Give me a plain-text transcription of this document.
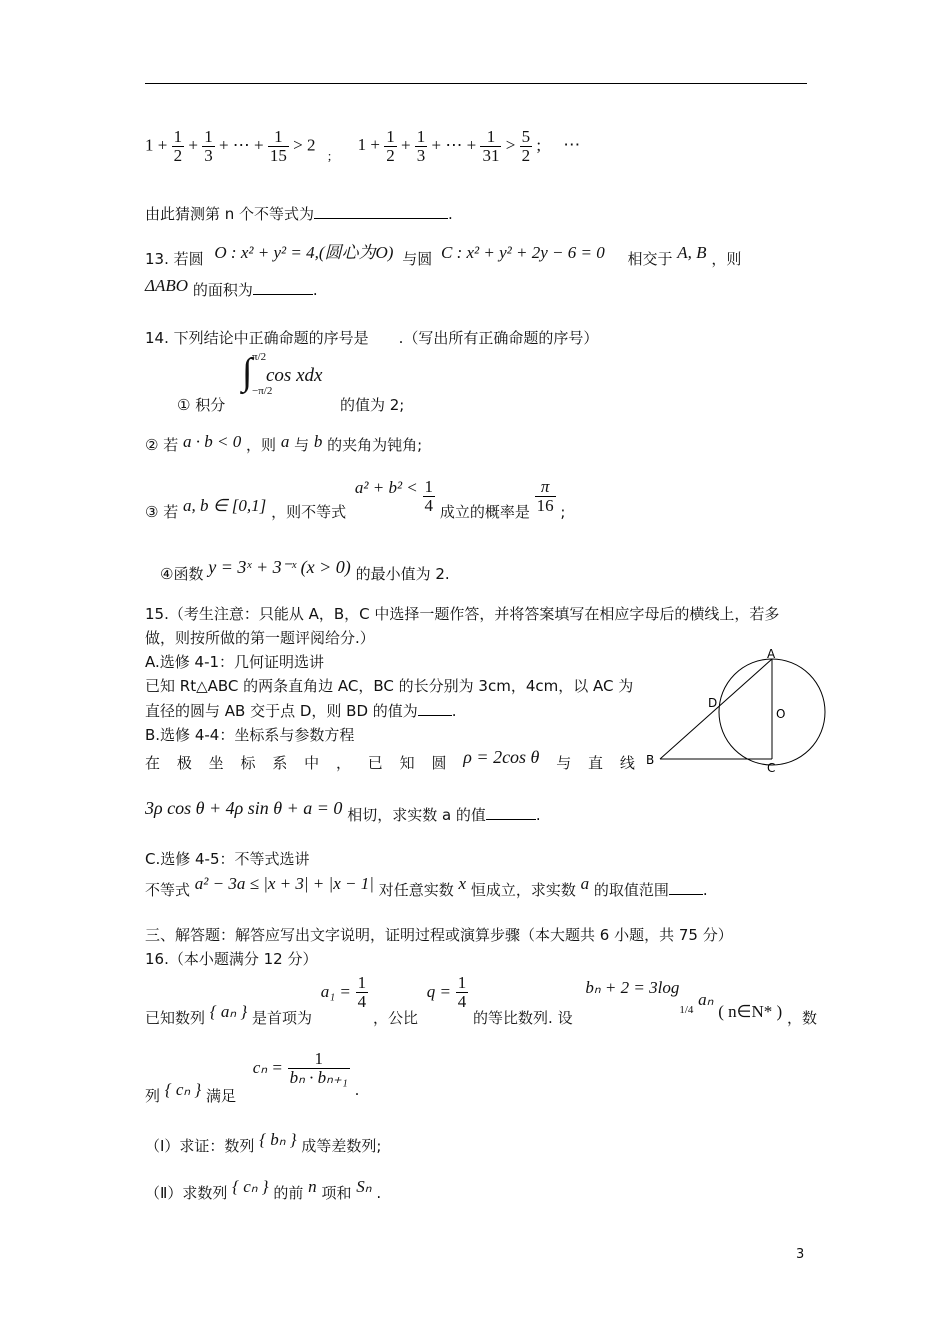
$1 + \frac{1}{2} + \frac{1}{3}$ + ⋯ + $\frac{1}{15} > 2$ $_;$ $1 + \frac{1}{2} + \frac{1}{3}$ + ⋯ + $\frac{1}{31} > \frac{5}{2}$ ; ⋯
由此猜测第 n 个不等式为	.
13. 若圆 O : x² + y² = 4,(圆心为O) 与圆 C : x² + y² + 2y − 6 = 0 相交于 A, B ，则
ΔABO 的面积为	.
14. 下列结论中正确命题的序号是　　.（写出所有正确命题的序号）
∫ π/2
−π/2
cos xdx
① 积分	的值为 2;
② 若 a · b < 0 ，则 a 与 b 的夹角为钝角;
③ 若 a, b ∈ [0,1] ，则不等式 $a^2 + b^2 < \frac{1}{4}$ 成立的概率是 $\frac{\pi}{16}$ ;
④函数 y = 3ˣ + 3⁻ˣ (x > 0) 的最小值为 2.
15.（考生注意：只能从 A，B，C 中选择一题作答，并将答案填写在相应字母后的横线上，若多
做，则按所做的第一题评阅给分.）
A.选修 4-1：几何证明选讲
已知 Rt△ABC 的两条直角边 AC，BC 的长分别为 3cm，4cm，以 AC 为
直径的圆与 AB 交于点 D，则 BD 的值为 .
B.选修 4-4：坐标系与参数方程
在 极 坐 标 系 中 ， 已 知 圆 ρ = 2cos θ 与 直 线
3ρ cos θ + 4ρ sin θ + a = 0 相切，求实数 a 的值	.
C.选修 4-5：不等式选讲
不等式 a² − 3a ≤ |x + 3| + |x − 1| 对任意实数 x 恒成立，求实数 a 的取值范围 .
A
B
C
D
O
三、解答题：解答应写出文字说明，证明过程或演算步骤（本大题共 6 小题，共 75 分）
16.（本小题满分 12 分）
已知数列 { aₙ } 是首项为 $a_1 = \frac{1}{4}$
，公比 $q = \frac{1}{4}$
的等比数列. 设 $b_n + 2 = 3\log_{1/4}$ aₙ ( n∈N* ) ，数
列 { cₙ } 满足 $c_n = \frac{1}{\text{bₙ · bₙ₊₁}}$
.
（Ⅰ）求证：数列 { bₙ } 成等差数列;
（Ⅱ）求数列 { cₙ } 的前 n 项和 Sₙ .
3
